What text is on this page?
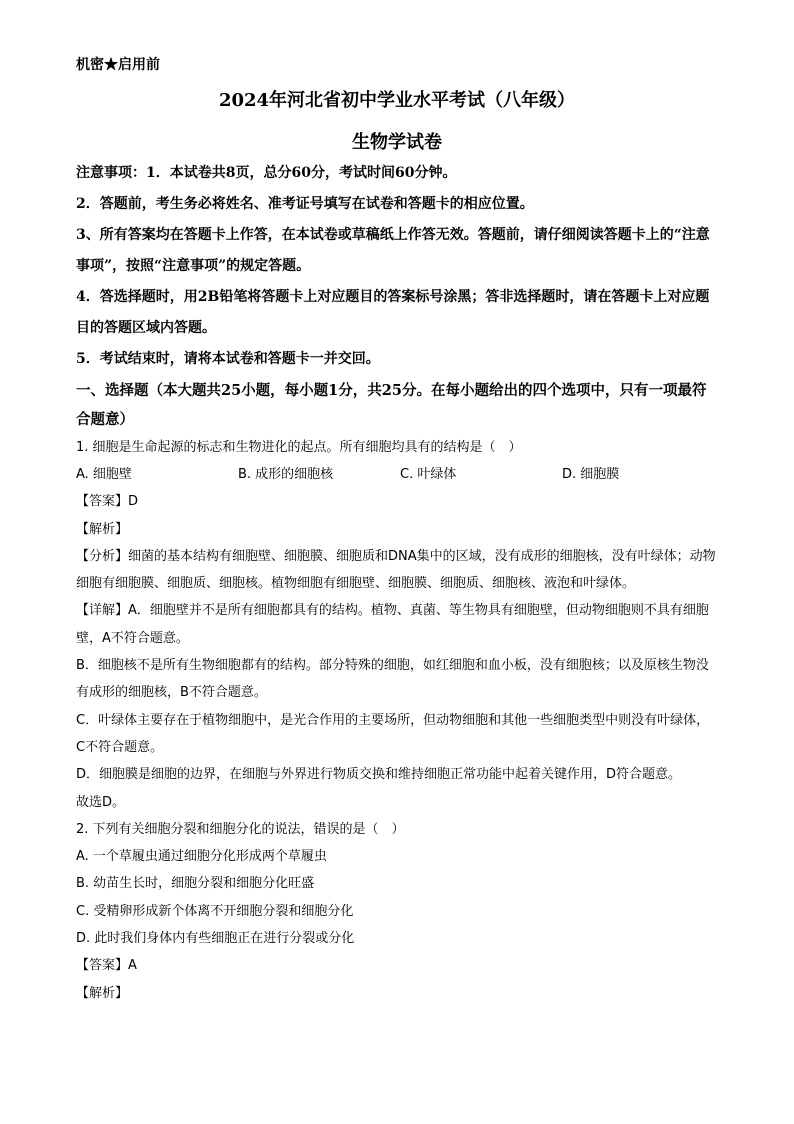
机密★启用前
2024年河北省初中学业水平考试（八年级）
生物学试卷

注意事项：1．本试卷共8页，总分60分，考试时间60分钟。

2．答题前，考生务必将姓名、准考证号填写在试卷和答题卡的相应位置。

3、所有答案均在答题卡上作答，在本试卷或草稿纸上作答无效。答题前，请仔细阅读答题卡上的“注意事项”，按照“注意事项”的规定答题。

4．答选择题时，用2B铅笔将答题卡上对应题目的答案标号涂黑；答非选择题时，请在答题卡上对应题目的答题区域内答题。

5．考试结束时，请将本试卷和答题卡一并交回。

一、选择题（本大题共25小题，每小题1分，共25分。在每小题给出的四个选项中，只有一项最符合题意）

1. 细胞是生命起源的标志和生物进化的起点。所有细胞均具有的结构是（　）

A. 细胞壁	B. 成形的细胞核	C. 叶绿体	D. 细胞膜

【答案】D

【解析】

【分析】细菌的基本结构有细胞壁、细胞膜、细胞质和DNA集中的区域，没有成形的细胞核，没有叶绿体；动物细胞有细胞膜、细胞质、细胞核。植物细胞有细胞壁、细胞膜、细胞质、细胞核、液泡和叶绿体。

【详解】A．细胞壁并不是所有细胞都具有的结构。植物、真菌、等生物具有细胞壁，但动物细胞则不具有细胞壁，A不符合题意。

B．细胞核不是所有生物细胞都有的结构。部分特殊的细胞，如红细胞和血小板，没有细胞核；以及原核生物没有成形的细胞核，B不符合题意。

C．叶绿体主要存在于植物细胞中，是光合作用的主要场所，但动物细胞和其他一些细胞类型中则没有叶绿体，C不符合题意。

D．细胞膜是细胞的边界，在细胞与外界进行物质交换和维持细胞正常功能中起着关键作用，D符合题意。

故选D。

2. 下列有关细胞分裂和细胞分化的说法，错误的是（　）

A. 一个草履虫通过细胞分化形成两个草履虫

B. 幼苗生长时，细胞分裂和细胞分化旺盛

C. 受精卵形成新个体离不开细胞分裂和细胞分化

D. 此时我们身体内有些细胞正在进行分裂或分化

【答案】A

【解析】
